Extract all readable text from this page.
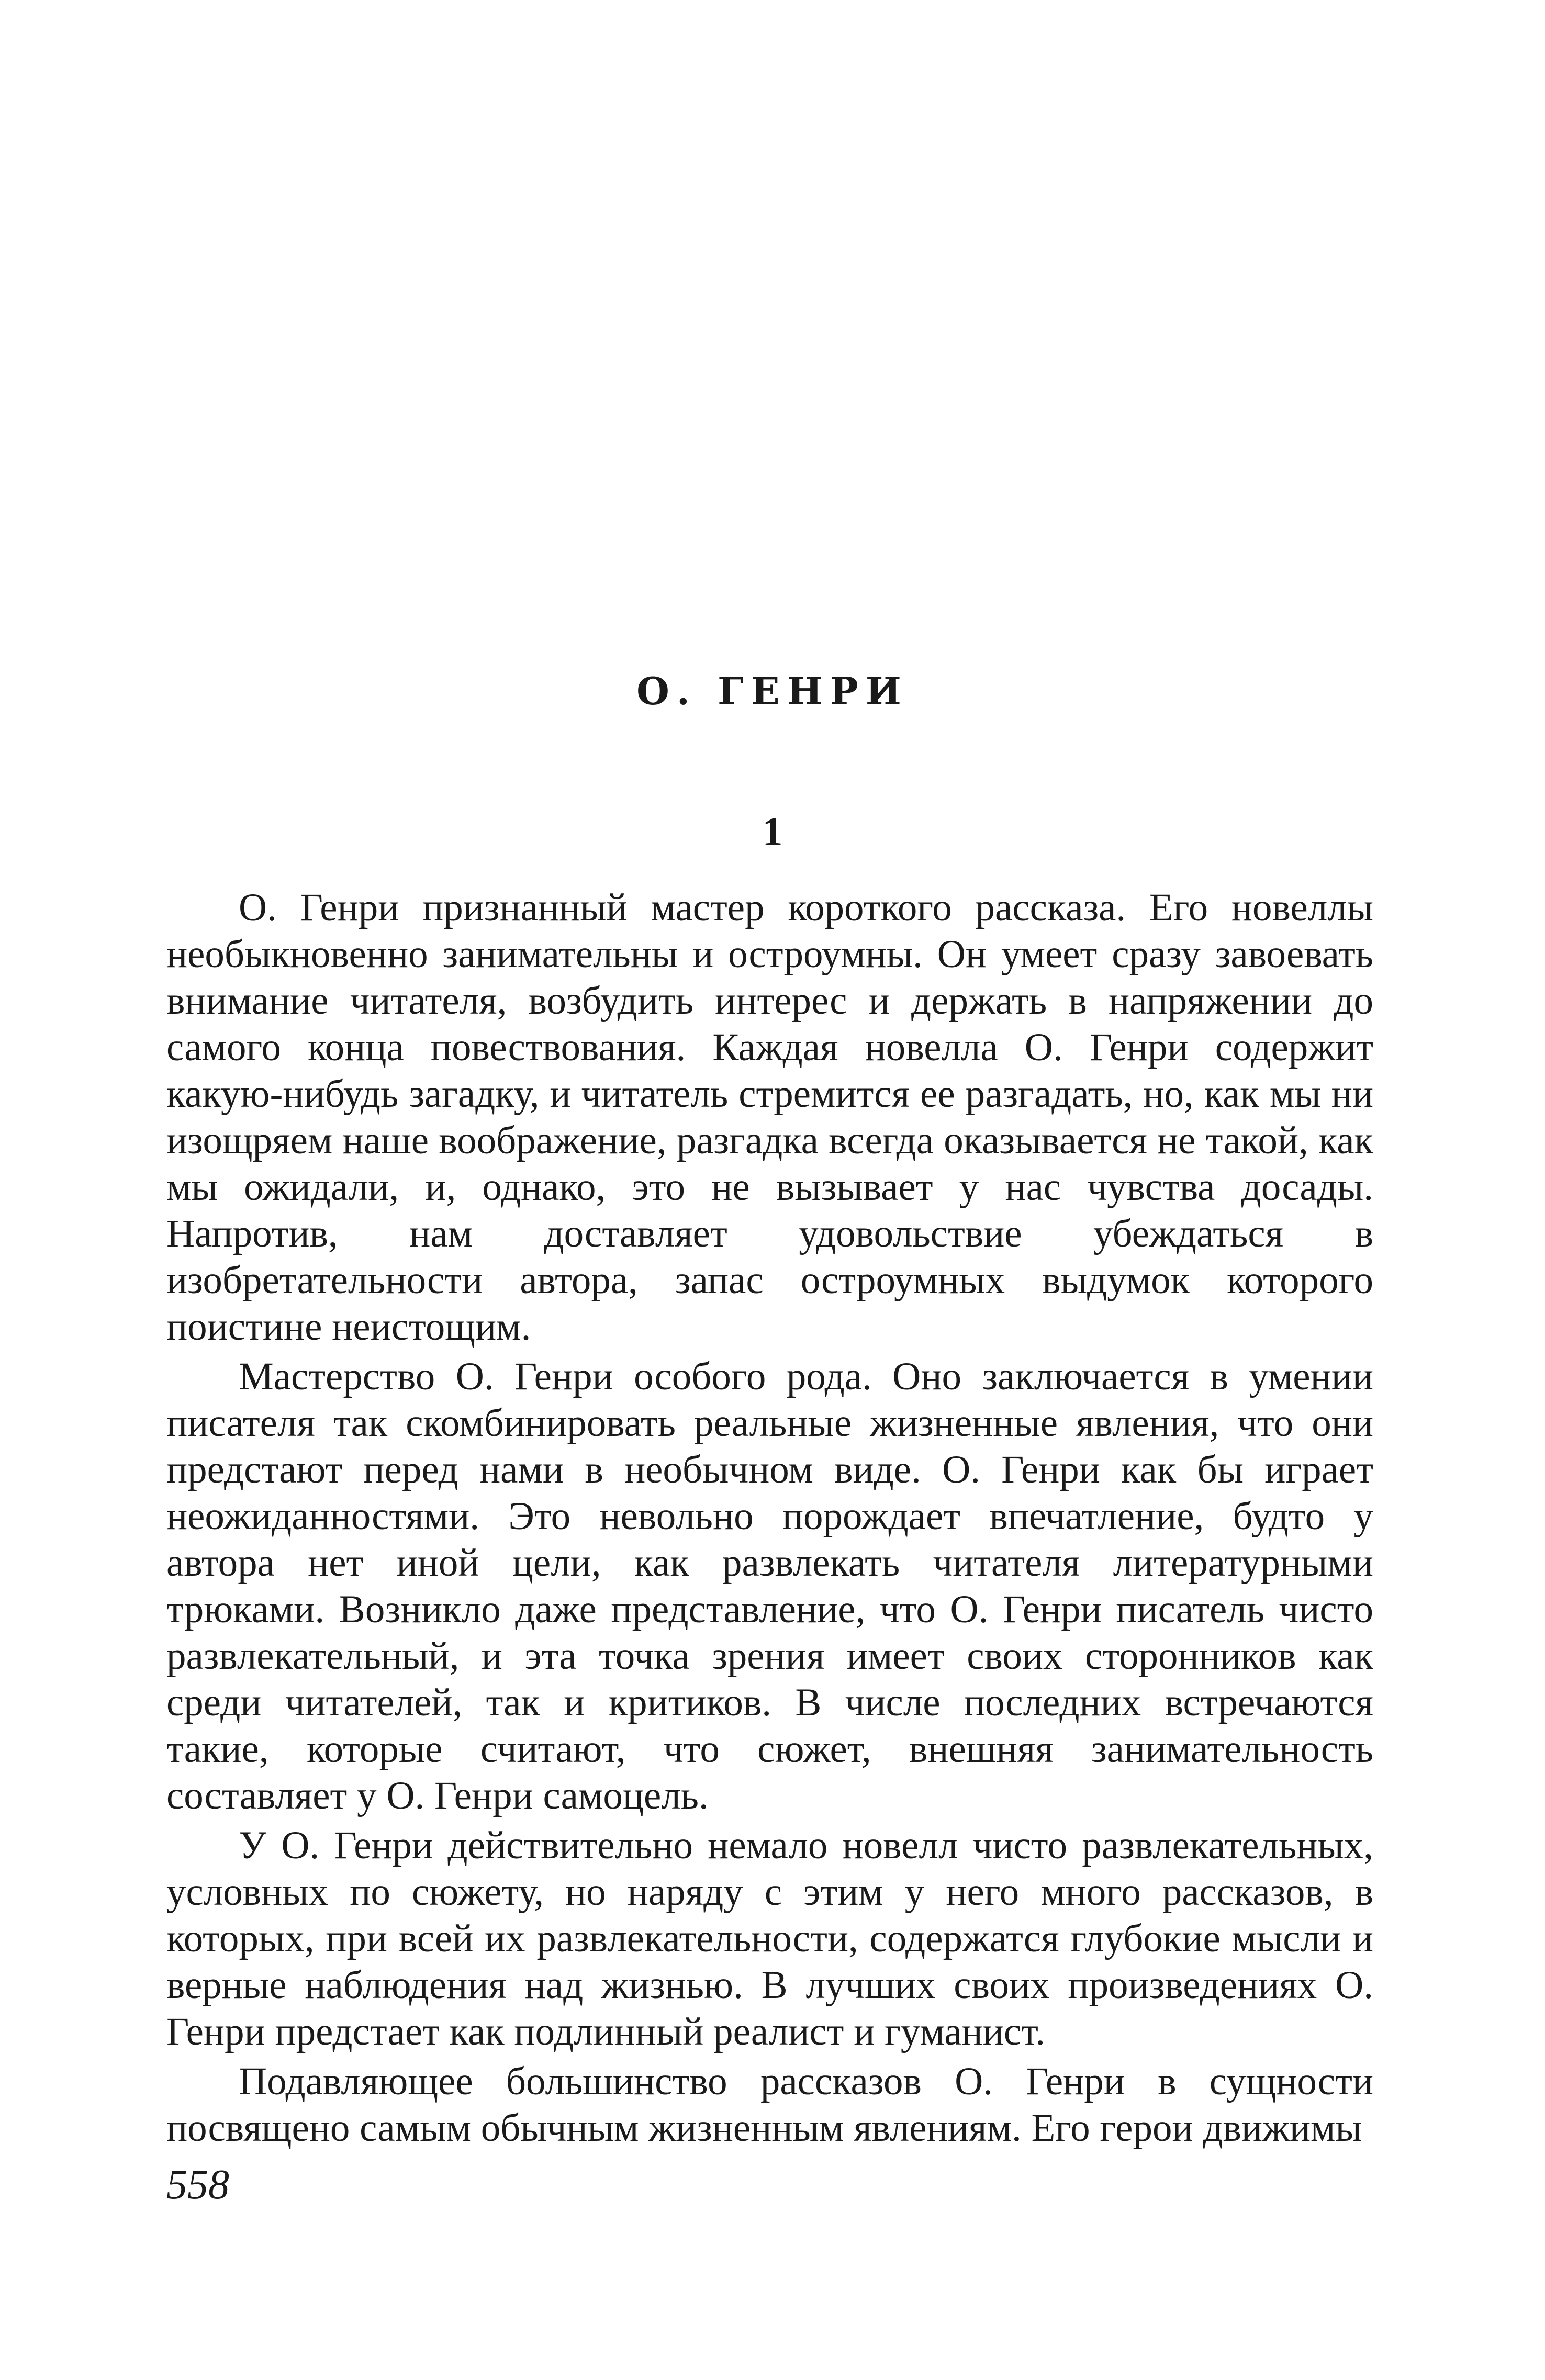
О. ГЕНРИ
1

О. Генри признанный мастер короткого рассказа. Его новеллы необыкновенно занимательны и остроумны. Он умеет сразу завоевать внимание читателя, возбудить интерес и держать в напряжении до самого конца повествования. Каждая новелла О. Генри содержит какую-нибудь загадку, и читатель стремится ее разгадать, но, как мы ни изощряем наше воображение, разгадка всегда оказывается не такой, как мы ожидали, и, однако, это не вызывает у нас чувства досады. Напротив, нам доставляет удовольствие убеждаться в изобретательности автора, запас остроумных выдумок которого поистине неистощим.

Мастерство О. Генри особого рода. Оно заключается в умении писателя так скомбинировать реальные жизненные явления, что они предстают перед нами в необычном виде. О. Генри как бы играет неожиданностями. Это невольно порождает впечатление, будто у автора нет иной цели, как развлекать читателя литературными трюками. Возникло даже представление, что О. Генри писатель чисто развлекательный, и эта точка зрения имеет своих сторонников как среди читателей, так и критиков. В числе последних встречаются такие, которые считают, что сюжет, внешняя занимательность составляет у О. Генри самоцель.

У О. Генри действительно немало новелл чисто развлекательных, условных по сюжету, но наряду с этим у него много рассказов, в которых, при всей их развлекательности, содержатся глубокие мысли и верные наблюдения над жизнью. В лучших своих произведениях О. Генри предстает как подлинный реалист и гуманист.

Подавляющее большинство рассказов О. Генри в сущности посвящено самым обычным жизненным явлениям. Его герои движимы

558
